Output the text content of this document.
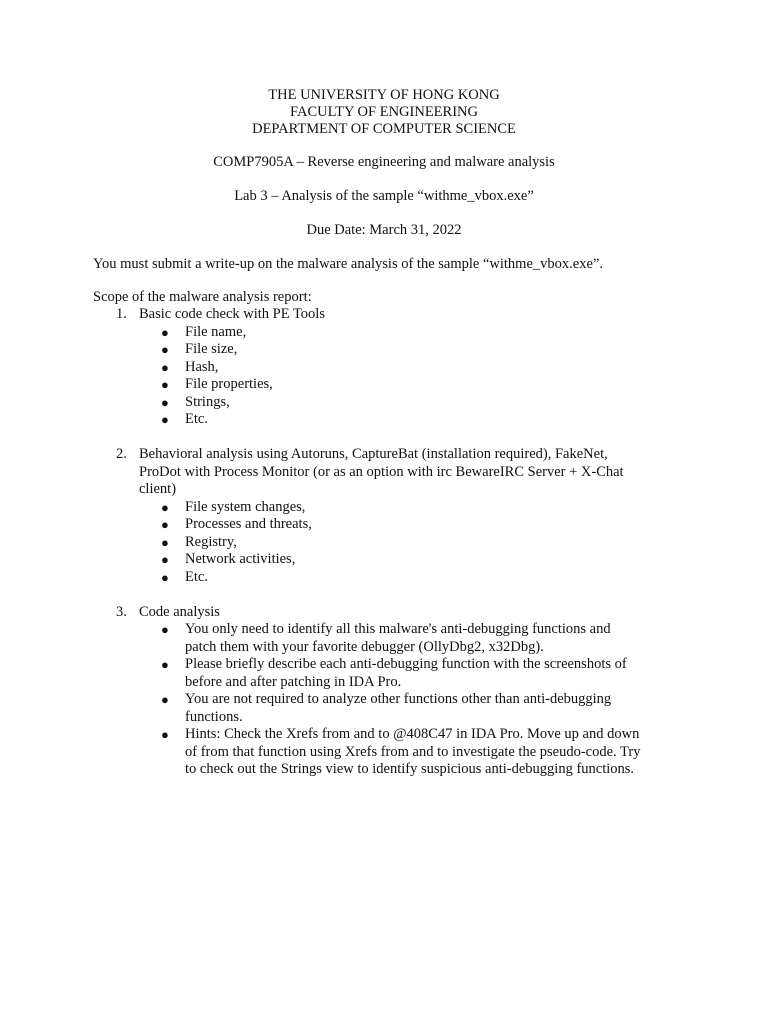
THE UNIVERSITY OF HONG KONG
FACULTY OF ENGINEERING
DEPARTMENT OF COMPUTER SCIENCE
COMP7905A – Reverse engineering and malware analysis
Lab 3 – Analysis of the sample “withme_vbox.exe”
Due Date: March 31, 2022
You must submit a write-up on the malware analysis of the sample “withme_vbox.exe”.
Scope of the malware analysis report:
1. Basic code check with PE Tools
● File name,
● File size,
● Hash,
● File properties,
● Strings,
● Etc.
2. Behavioral analysis using Autoruns, CaptureBat (installation required), FakeNet,
ProDot with Process Monitor (or as an option with irc BewareIRC Server + X-Chat
client)
● File system changes,
● Processes and threats,
● Registry,
● Network activities,
● Etc.
3. Code analysis
● You only need to identify all this malware's anti-debugging functions and
patch them with your favorite debugger (OllyDbg2, x32Dbg).
● Please briefly describe each anti-debugging function with the screenshots of
before and after patching in IDA Pro.
● You are not required to analyze other functions other than anti-debugging
functions.
● Hints: Check the Xrefs from and to @408C47 in IDA Pro. Move up and down
of from that function using Xrefs from and to investigate the pseudo-code. Try
to check out the Strings view to identify suspicious anti-debugging functions.
